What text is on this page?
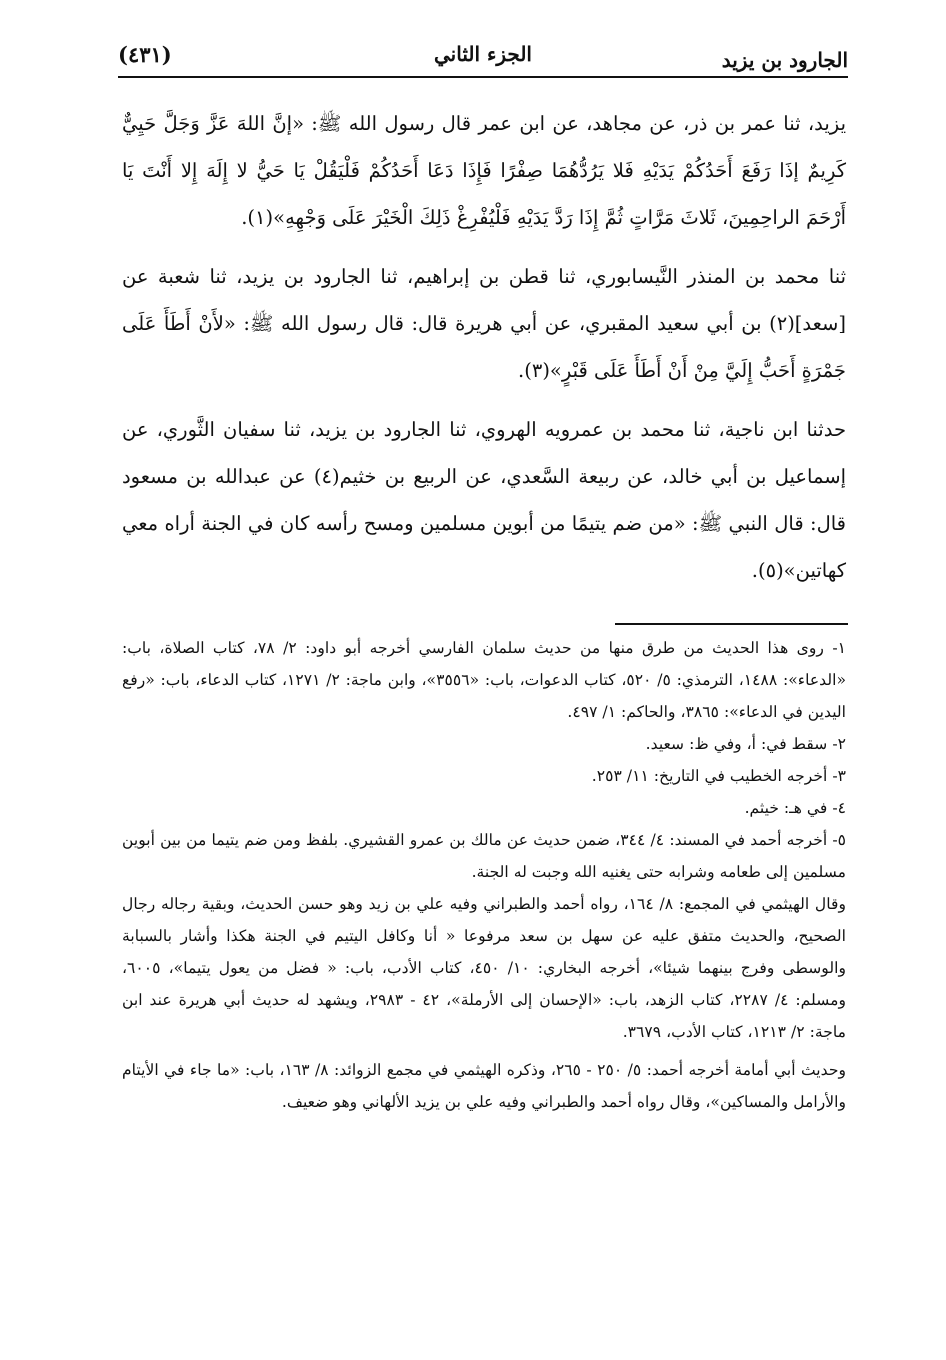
الجارود بن يزيد
الجزء الثاني
(٤٣١)

يزيد، ثنا عمر بن ذر، عن مجاهد، عن ابن عمر قال رسول الله ﷺ: «إنَّ اللهَ عَزَّ وَجَلَّ حَيِيٌّ كَرِيمٌ إذَا رَفَعَ أَحَدُكُمْ يَدَيْهِ فَلا يَرُدُّهُمَا صِفْرًا فَإِذَا دَعَا أَحَدُكُمْ فَلْيَقُلْ يَا حَيُّ لا إِلَهَ إِلا أَنْتَ يَا أَرْحَمَ الراحِمِينَ، ثَلاثَ مَرَّاتٍ ثُمَّ إِذَا رَدَّ يَدَيْهِ فَلْيُفْرِغْ ذَلِكَ الْخَيْرَ عَلَى وَجْهِهِ»(١).

ثنا محمد بن المنذر النَّيسابوري، ثنا قطن بن إبراهيم، ثنا الجارود بن يزيد، ثنا شعبة عن [سعد](٢) بن أبي سعيد المقبري، عن أبي هريرة قال: قال رسول الله ﷺ: «لأَنْ أَطَأَ عَلَى جَمْرَةٍ أَحَبُّ إِلَيَّ مِنْ أَنْ أَطَأَ عَلَى قَبْرٍ»(٣).

حدثنا ابن ناجية، ثنا محمد بن عمرويه الهروي، ثنا الجارود بن يزيد، ثنا سفيان الثَّوري، عن إسماعيل بن أبي خالد، عن ربيعة السَّعدي، عن الربيع بن خثيم(٤) عن عبدالله بن مسعود قال: قال النبي ﷺ: «من ضم يتيمًا من أبوين مسلمين ومسح رأسه كان في الجنة أراه معي كهاتين»(٥).

١- روى هذا الحديث من طرق منها من حديث سلمان الفارسي أخرجه أبو داود: ٢/ ٧٨، كتاب الصلاة، باب: «الدعاء»: ١٤٨٨، الترمذي: ٥/ ٥٢٠، كتاب الدعوات، باب: «٣٥٥٦»، وابن ماجة: ٢/ ١٢٧١، كتاب الدعاء، باب: «رفع اليدين في الدعاء»: ٣٨٦٥، والحاكم: ١/ ٤٩٧.

٢- سقط في: أ، وفي ظ: سعيد.

٣- أخرجه الخطيب في التاريخ: ١١/ ٢٥٣.

٤- في هـ: خيثم.

٥- أخرجه أحمد في المسند: ٤/ ٣٤٤، ضمن حديث عن مالك بن عمرو القشيري. بلفظ ومن ضم يتيما من بين أبوين مسلمين إلى طعامه وشرابه حتى يغنيه الله وجبت له الجنة.

وقال الهيثمي في المجمع: ٨/ ١٦٤، رواه أحمد والطبراني وفيه علي بن زيد وهو حسن الحديث، وبقية رجاله رجال الصحيح، والحديث متفق عليه عن سهل بن سعد مرفوعا « أنا وكافل اليتيم في الجنة هكذا وأشار بالسبابة والوسطى وفرج بينهما شيئا»، أخرجه البخاري: ١٠/ ٤٥٠، كتاب الأدب، باب: « فضل من يعول يتيما»، ٦٠٠٥، ومسلم: ٤/ ٢٢٨٧، كتاب الزهد، باب: «الإحسان إلى الأرملة»، ٤٢ - ٢٩٨٣، ويشهد له حديث أبي هريرة عند ابن ماجة: ٢/ ١٢١٣، كتاب الأدب، ٣٦٧٩.

وحديث أبي أمامة أخرجه أحمد: ٥/ ٢٥٠ - ٢٦٥، وذكره الهيثمي في مجمع الزوائد: ٨/ ١٦٣، باب: «ما جاء في الأيتام والأرامل والمساكين»، وقال رواه أحمد والطبراني وفيه علي بن يزيد الألهاني وهو ضعيف.
